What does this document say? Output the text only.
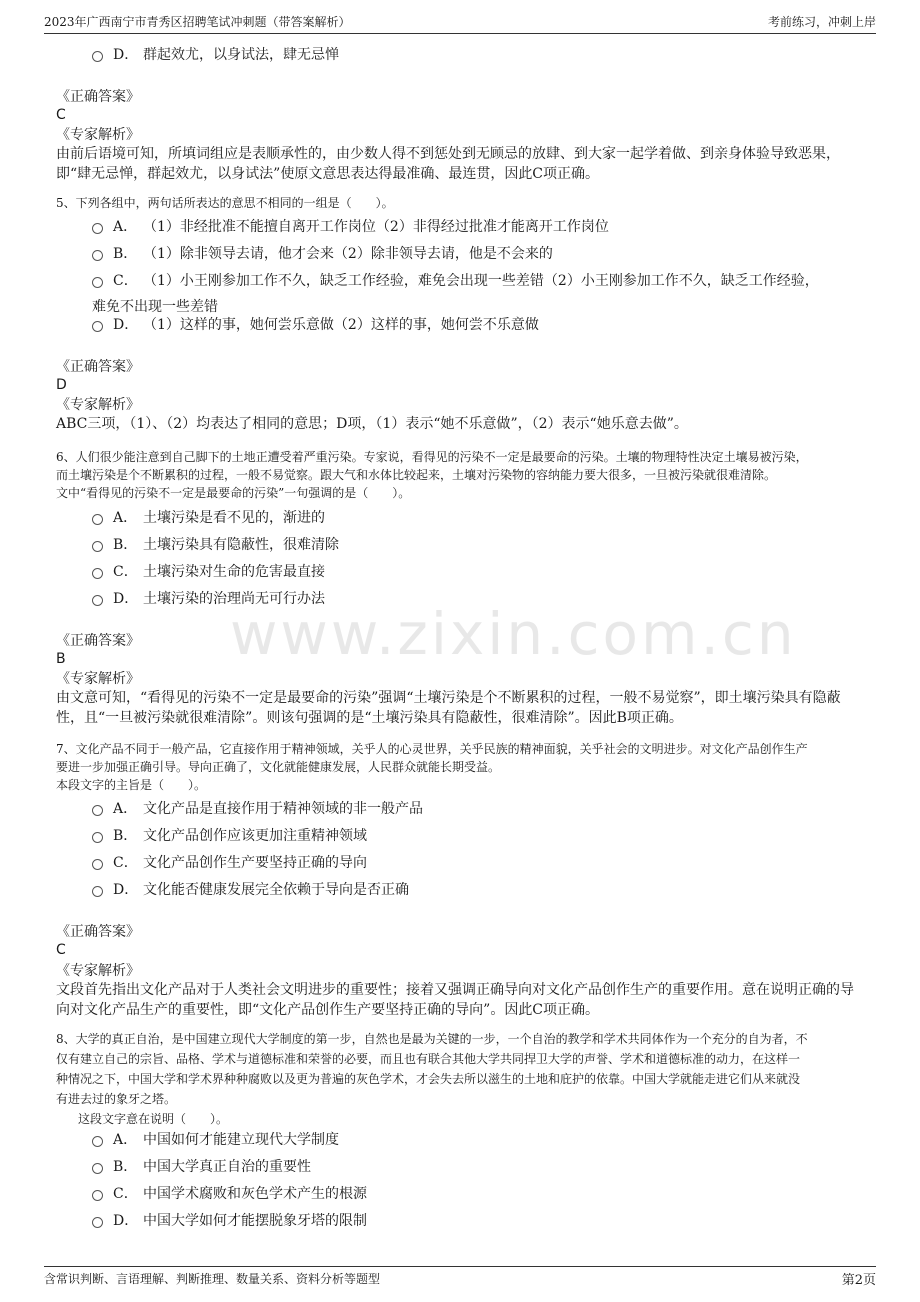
2023年广西南宁市青秀区招聘笔试冲刺题（带答案解析）	考前练习，冲刺上岸
www.zixin.com.cn
D． 群起效尤，以身试法，肆无忌惮
《正确答案》
C
《专家解析》
由前后语境可知，所填词组应是表顺承性的，由少数人得不到惩处到无顾忌的放肆、到大家一起学着做、到亲身体验导致恶果，即“肆无忌惮，群起效尤，以身试法”使原文意思表达得最准确、最连贯，因此C项正确。
5、下列各组中，两句话所表达的意思不相同的一组是（　　）。
A． （1）非经批准不能擅自离开工作岗位（2）非得经过批准才能离开工作岗位
B． （1）除非领导去请，他才会来（2）除非领导去请，他是不会来的
C． （1）小王刚参加工作不久，缺乏工作经验，难免会出现一些差错（2）小王刚参加工作不久，缺乏工作经验，
难免不出现一些差错
D． （1）这样的事，她何尝乐意做（2）这样的事，她何尝不乐意做
《正确答案》
D
《专家解析》
ABC三项，（1）、（2）均表达了相同的意思；D项，（1）表示“她不乐意做”，（2）表示“她乐意去做”。
6、人们很少能注意到自己脚下的土地正遭受着严重污染。专家说，看得见的污染不一定是最要命的污染。土壤的物理特性决定土壤易被污染，
而土壤污染是个不断累积的过程，一般不易觉察。跟大气和水体比较起来，土壤对污染物的容纳能力要大很多，一旦被污染就很难清除。
文中“看得见的污染不一定是最要命的污染”一句强调的是（　　）。
A． 土壤污染是看不见的，渐进的
B． 土壤污染具有隐蔽性，很难清除
C． 土壤污染对生命的危害最直接
D． 土壤污染的治理尚无可行办法
《正确答案》
B
《专家解析》
由文意可知，“看得见的污染不一定是最要命的污染”强调“土壤污染是个不断累积的过程，一般不易觉察”，即土壤污染具有隐蔽性，且“一旦被污染就很难清除”。则该句强调的是“土壤污染具有隐蔽性，很难清除”。因此B项正确。
7、文化产品不同于一般产品，它直接作用于精神领域，关乎人的心灵世界，关乎民族的精神面貌，关乎社会的文明进步。对文化产品创作生产
要进一步加强正确引导。导向正确了，文化就能健康发展，人民群众就能长期受益。
本段文字的主旨是（　　）。
A． 文化产品是直接作用于精神领域的非一般产品
B． 文化产品创作应该更加注重精神领域
C． 文化产品创作生产要坚持正确的导向
D． 文化能否健康发展完全依赖于导向是否正确
《正确答案》
C
《专家解析》
文段首先指出文化产品对于人类社会文明进步的重要性；接着又强调正确导向对文化产品创作生产的重要作用。意在说明正确的导向对文化产品生产的重要性，即“文化产品创作生产要坚持正确的导向”。因此C项正确。
8、大学的真正自治，是中国建立现代大学制度的第一步，自然也是最为关键的一步，一个自治的教学和学术共同体作为一个充分的自为者，不
仅有建立自己的宗旨、品格、学术与道德标准和荣誉的必要，而且也有联合其他大学共同捍卫大学的声誉、学术和道德标准的动力，在这样一
种情况之下，中国大学和学术界种种腐败以及更为普遍的灰色学术，才会失去所以滋生的土地和庇护的依靠。中国大学就能走进它们从来就没
有进去过的象牙之塔。
这段文字意在说明（　　）。
A． 中国如何才能建立现代大学制度
B． 中国大学真正自治的重要性
C． 中国学术腐败和灰色学术产生的根源
D． 中国大学如何才能摆脱象牙塔的限制
含常识判断、言语理解、判断推理、数量关系、资料分析等题型	第2页
